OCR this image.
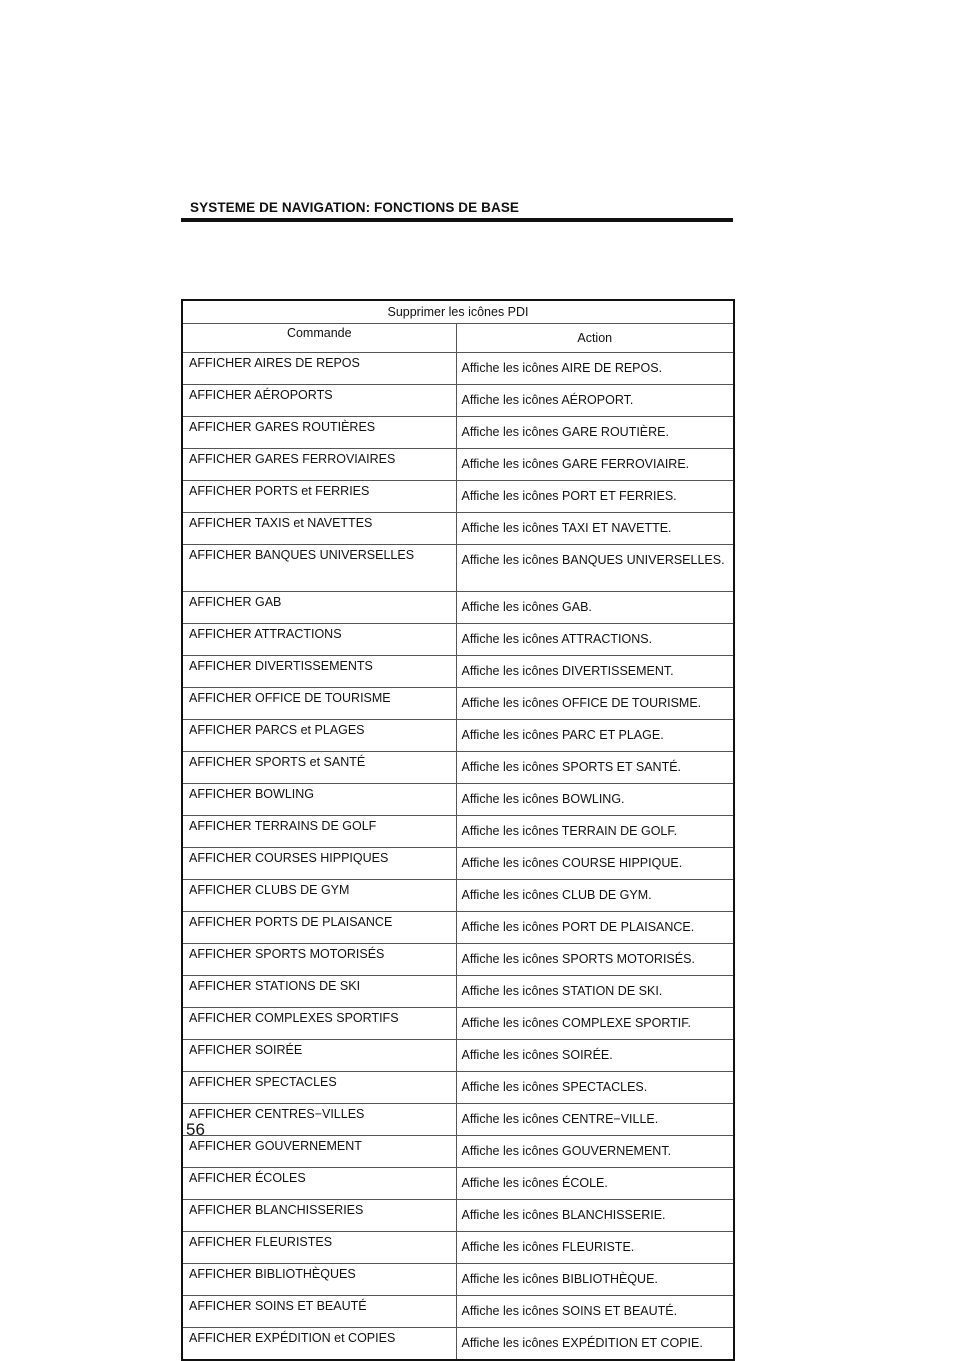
SYSTEME DE NAVIGATION: FONCTIONS DE BASE
Supprimer les icônes PDI	
Commande	Action
AFFICHER AIRES DE REPOS	Affiche les icônes AIRE DE REPOS.
AFFICHER AÉROPORTS	Affiche les icônes AÉROPORT.
AFFICHER GARES ROUTIÈRES	Affiche les icônes GARE ROUTIÈRE.
AFFICHER GARES FERROVIAIRES	Affiche les icônes GARE FERROVIAIRE.
AFFICHER PORTS et FERRIES	Affiche les icônes PORT ET FERRIES.
AFFICHER TAXIS et NAVETTES	Affiche les icônes TAXI ET NAVETTE.
AFFICHER BANQUES UNIVERSELLES	Affiche les icônes BANQUES UNIVERSELLES.
AFFICHER GAB	Affiche les icônes GAB.
AFFICHER ATTRACTIONS	Affiche les icônes ATTRACTIONS.
AFFICHER DIVERTISSEMENTS	Affiche les icônes DIVERTISSEMENT.
AFFICHER OFFICE DE TOURISME	Affiche les icônes OFFICE DE TOURISME.
AFFICHER PARCS et PLAGES	Affiche les icônes PARC ET PLAGE.
AFFICHER SPORTS et SANTÉ	Affiche les icônes SPORTS ET SANTÉ.
AFFICHER BOWLING	Affiche les icônes BOWLING.
AFFICHER TERRAINS DE GOLF	Affiche les icônes TERRAIN DE GOLF.
AFFICHER COURSES HIPPIQUES	Affiche les icônes COURSE HIPPIQUE.
AFFICHER CLUBS DE GYM	Affiche les icônes CLUB DE GYM.
AFFICHER PORTS DE PLAISANCE	Affiche les icônes PORT DE PLAISANCE.
AFFICHER SPORTS MOTORISÉS	Affiche les icônes SPORTS MOTORISÉS.
AFFICHER STATIONS DE SKI	Affiche les icônes STATION DE SKI.
AFFICHER COMPLEXES SPORTIFS	Affiche les icônes COMPLEXE SPORTIF.
AFFICHER SOIRÉE	Affiche les icônes SOIRÉE.
AFFICHER SPECTACLES	Affiche les icônes SPECTACLES.
AFFICHER CENTRES−VILLES	Affiche les icônes CENTRE−VILLE.
AFFICHER GOUVERNEMENT	Affiche les icônes GOUVERNEMENT.
AFFICHER ÉCOLES	Affiche les icônes ÉCOLE.
AFFICHER BLANCHISSERIES	Affiche les icônes BLANCHISSERIE.
AFFICHER FLEURISTES	Affiche les icônes FLEURISTE.
AFFICHER BIBLIOTHÈQUES	Affiche les icônes BIBLIOTHÈQUE.
AFFICHER SOINS ET BEAUTÉ	Affiche les icônes SOINS ET BEAUTÉ.
AFFICHER EXPÉDITION et COPIES	Affiche les icônes EXPÉDITION ET COPIE.
56
